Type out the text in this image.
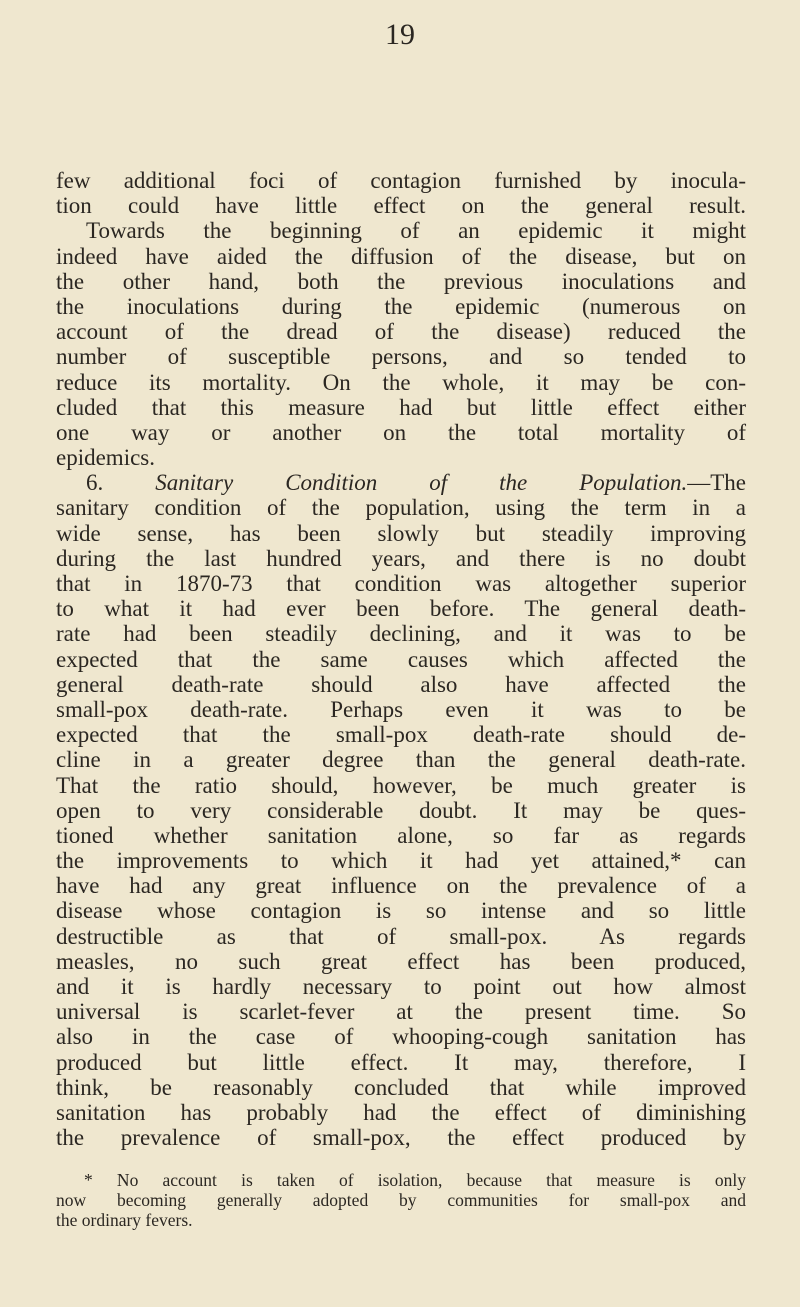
19
few additional foci of contagion furnished by inocula-
tion could have little effect on the general result.
Towards the beginning of an epidemic it might
indeed have aided the diffusion of the disease, but on
the other hand, both the previous inoculations and
the inoculations during the epidemic (numerous on
account of the dread of the disease) reduced the
number of susceptible persons, and so tended to
reduce its mortality. On the whole, it may be con-
cluded that this measure had but little effect either
one way or another on the total mortality of
epidemics.
6. Sanitary Condition of the Population.—The
sanitary condition of the population, using the term in a
wide sense, has been slowly but steadily improving
during the last hundred years, and there is no doubt
that in 1870-73 that condition was altogether superior
to what it had ever been before. The general death-
rate had been steadily declining, and it was to be
expected that the same causes which affected the
general death-rate should also have affected the
small-pox death-rate. Perhaps even it was to be
expected that the small-pox death-rate should de-
cline in a greater degree than the general death-rate.
That the ratio should, however, be much greater is
open to very considerable doubt. It may be ques-
tioned whether sanitation alone, so far as regards
the improvements to which it had yet attained,* can
have had any great influence on the prevalence of a
disease whose contagion is so intense and so little
destructible as that of small-pox. As regards
measles, no such great effect has been produced,
and it is hardly necessary to point out how almost
universal is scarlet-fever at the present time. So
also in the case of whooping-cough sanitation has
produced but little effect. It may, therefore, I
think, be reasonably concluded that while improved
sanitation has probably had the effect of diminishing
the prevalence of small-pox, the effect produced by
* No account is taken of isolation, because that measure is only
now becoming generally adopted by communities for small-pox and
the ordinary fevers.
